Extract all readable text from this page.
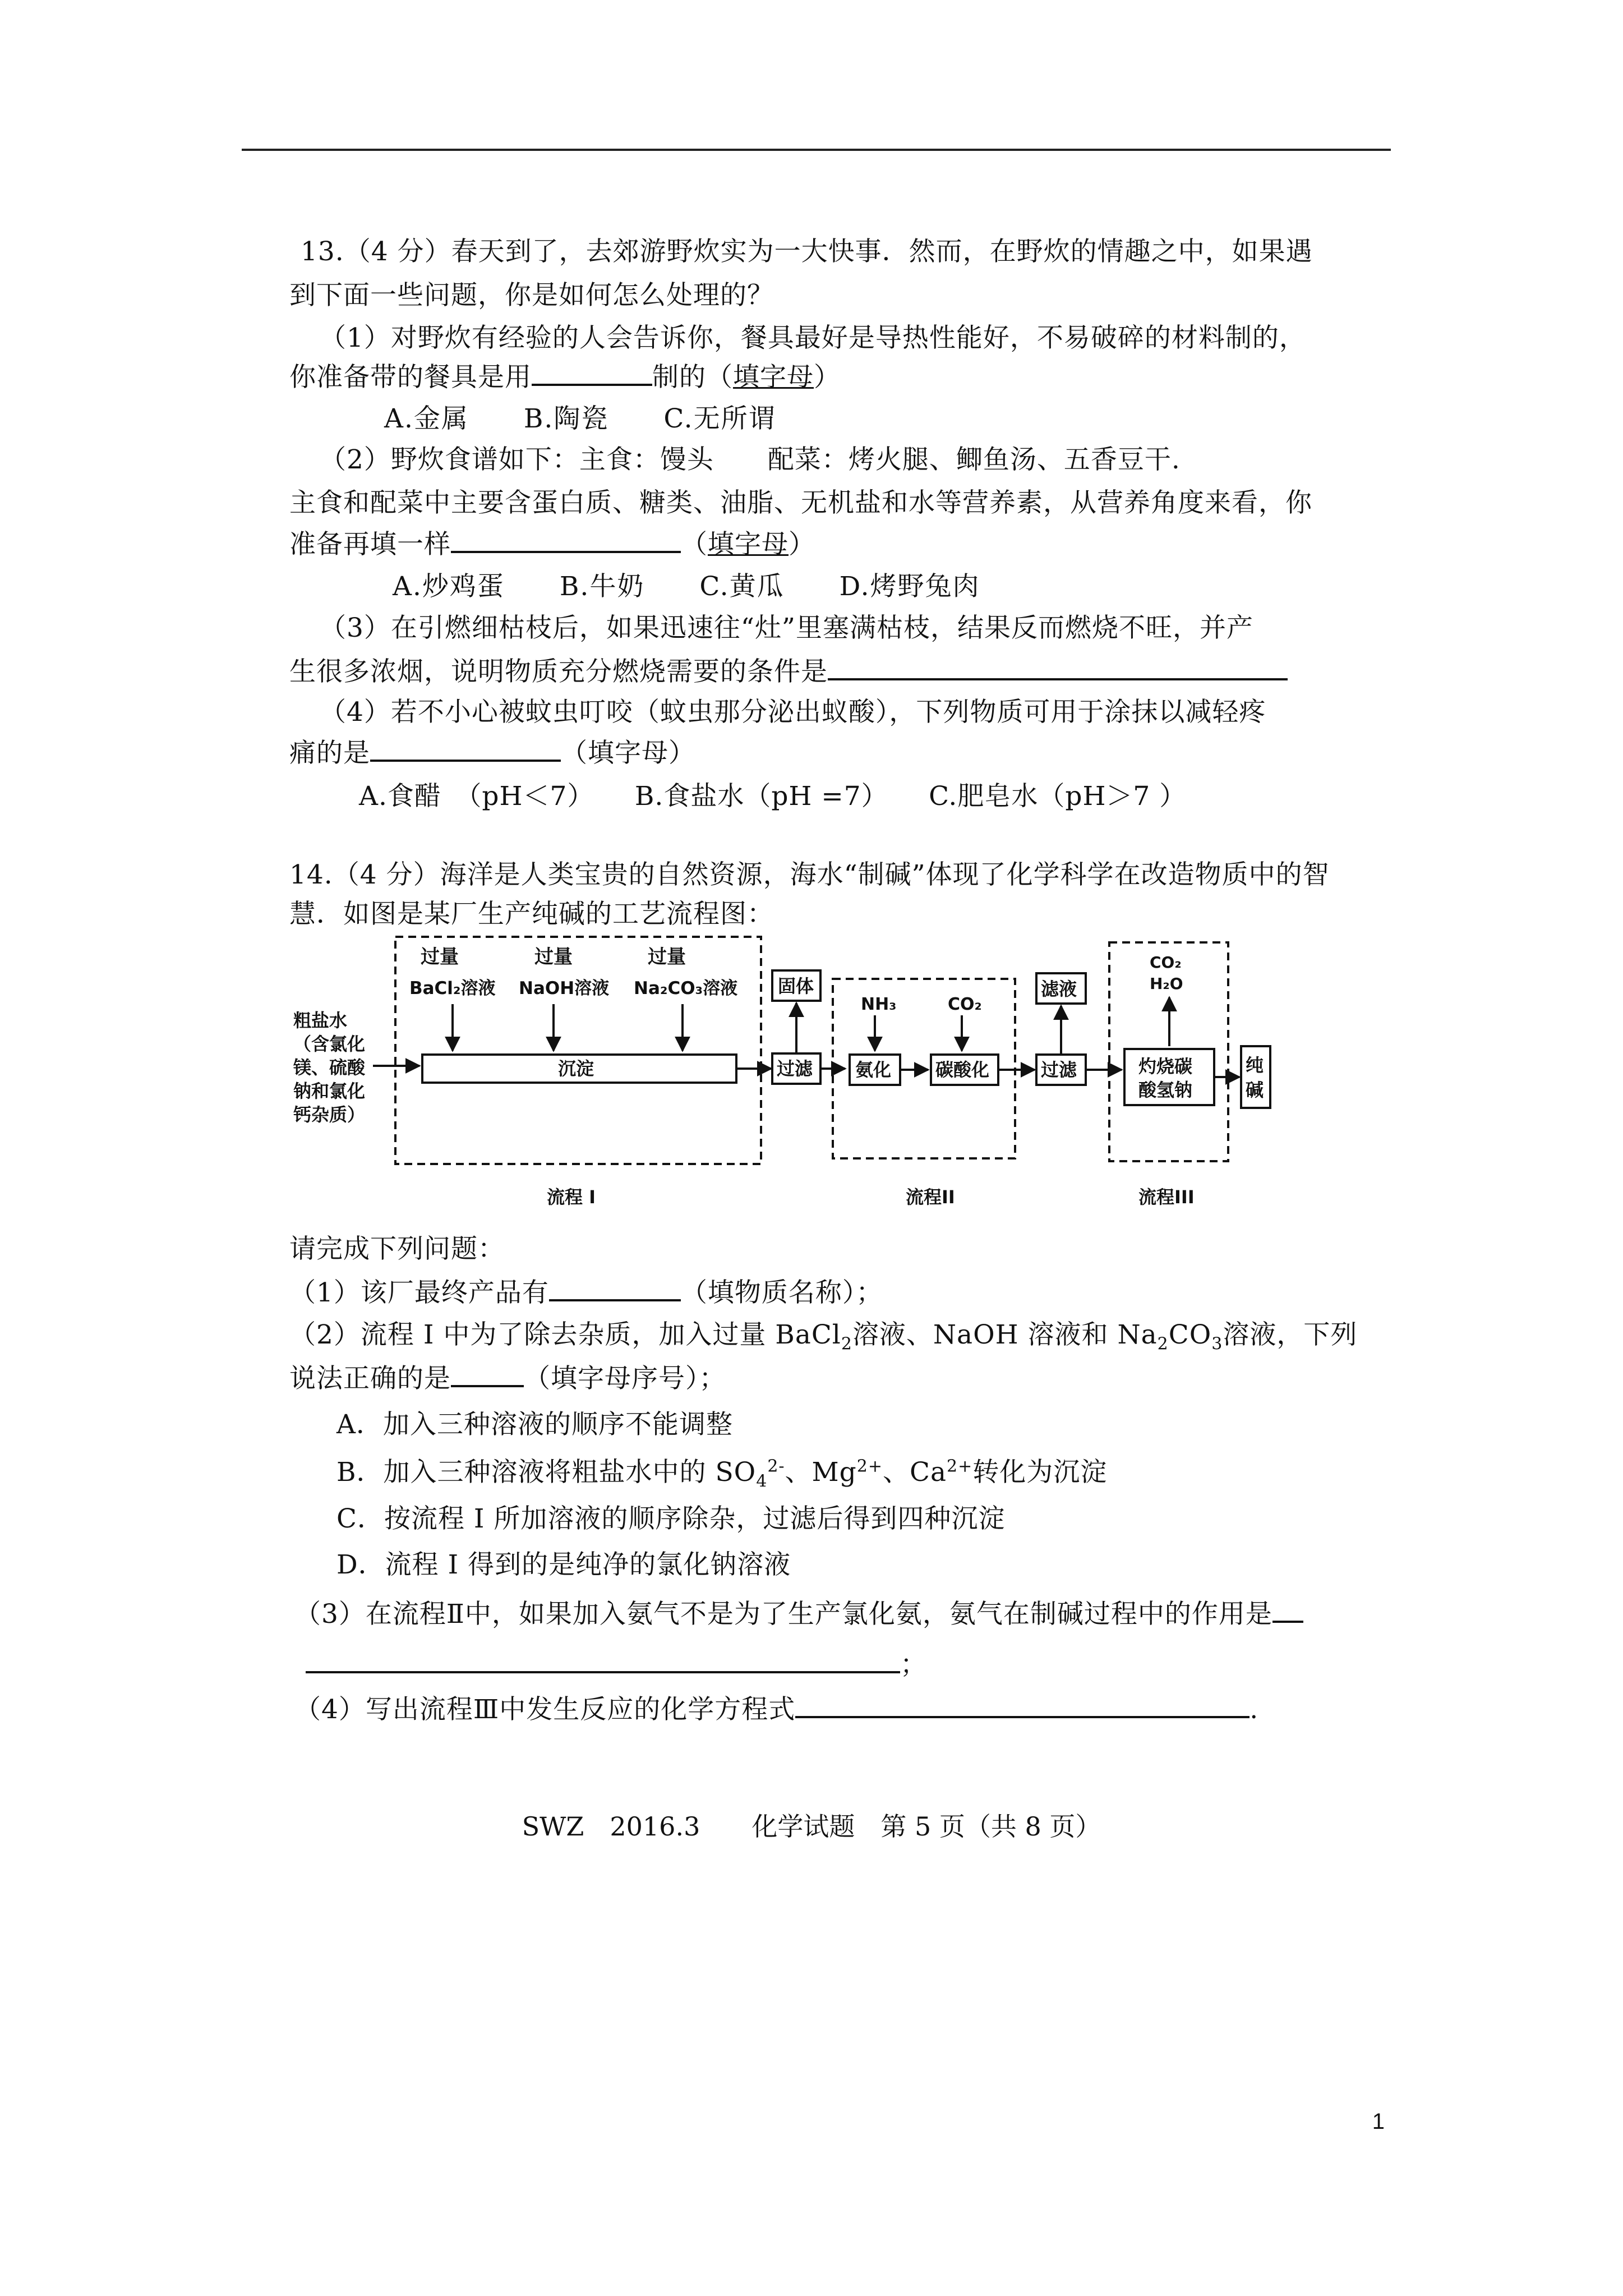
13.（4 分）春天到了，去郊游野炊实为一大快事．然而，在野炊的情趣之中，如果遇
到下面一些问题，你是如何怎么处理的？
（1）对野炊有经验的人会告诉你，餐具最好是导热性能好，不易破碎的材料制的，
你准备带的餐具是用	制的（填字母）
A.金属　　B.陶瓷　　C.无所谓
（2）野炊食谱如下：主食：馒头　　配菜：烤火腿、鲫鱼汤、五香豆干.
主食和配菜中主要含蛋白质、糖类、油脂、无机盐和水等营养素，从营养角度来看，你
准备再填一样	（填字母）
A.炒鸡蛋　　B.牛奶　　C.黄瓜　　D.烤野兔肉
（3）在引燃细枯枝后，如果迅速往“灶”里塞满枯枝，结果反而燃烧不旺，并产
生很多浓烟，说明物质充分燃烧需要的条件是
（4）若不小心被蚊虫叮咬（蚊虫那分泌出蚁酸），下列物质可用于涂抹以减轻疼
痛的是	（填字母）
A.食醋　（pH＜7）　　B.食盐水（pH =7）　　C.肥皂水（pH＞7 ）
14.（4 分）海洋是人类宝贵的自然资源，海水“制碱”体现了化学科学在改造物质中的智
慧．如图是某厂生产纯碱的工艺流程图：
过量	过量	过量
BaCl₂溶液 NaOH溶液 Na₂CO₃溶液
粗盐水
（含氯化
镁、硫酸
钠和氯化
钙杂质）
沉淀	过滤
固体
NH₃	CO₂
氨化 碳酸化	过滤
滤液
CO₂
H₂O
灼烧碳
酸氢钠
纯
碱
流程 I	流程II	流程III
请完成下列问题：
（1）该厂最终产品有	（填物质名称）；
（2）流程 I 中为了除去杂质，加入过量 BaCl$_2$溶液、NaOH 溶液和 $Na_2CO_3$溶液，下列
说法正确的是	（填字母序号）；
A．加入三种溶液的顺序不能调整
B．加入三种溶液将粗盐水中的 $SO_4^{2-}$、$Mg^{2+}$、$Ca^{2+}$转化为沉淀
C．按流程 I 所加溶液的顺序除杂，过滤后得到四种沉淀
D．流程 I 得到的是纯净的氯化钠溶液
（3）在流程Ⅱ中，如果加入氨气不是为了生产氯化氨，氨气在制碱过程中的作用是
；
（4）写出流程Ⅲ中发生反应的化学方程式	.
SWZ　2016.3　　化学试题　第 5 页（共 8 页）
1
